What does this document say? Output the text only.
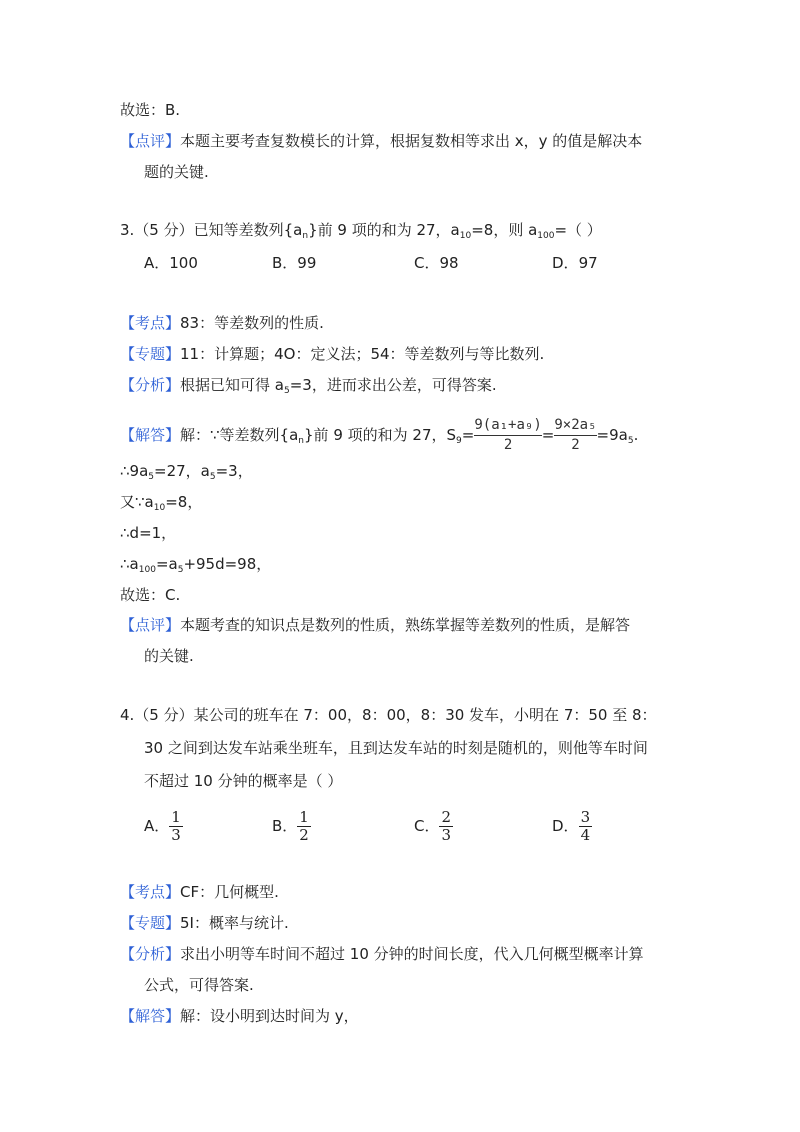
故选：B.
【点评】本题主要考查复数模长的计算，根据复数相等求出 x，y 的值是解决本
题的关键.
3.（5 分）已知等差数列$\{a_n\}$前 9 项的和为 27，$a_{10}=8$，则 $a_{100}=$（ ）
A．100	B．99	C．98	D．97
【考点】83：等差数列的性质.
【专题】11：计算题；4O：定义法；54：等差数列与等比数列.
【分析】根据已知可得 $a_5=3$，进而求出公差，可得答案.
【解答】解：∵等差数列$\{a_n\}$前 9 项的和为 27，$S_9= \frac{\text{9(a₁+a₉)}}{2} = \frac{\text{9×2a₅}}{2} =9a_5$.
$\therefore 9a_5=27$，$a_5=3$，
又$\because a_{10}=8$，
∴d=1，
$\therefore a_{100}=a_5+95d=98$，
故选：C.
【点评】本题考查的知识点是数列的性质，熟练掌握等差数列的性质，是解答
的关键.
4.（5 分）某公司的班车在 7：00，8：00，8：30 发车，小明在 7：50 至 8：
30 之间到达发车站乘坐班车，且到达发车站的时刻是随机的，则他等车时间
不超过 10 分钟的概率是（ ）
A． $\frac{1}{3}$	B． $\frac{1}{2}$	C． $\frac{2}{3}$	D． $\frac{3}{4}$
【考点】CF：几何概型.
【专题】5I：概率与统计.
【分析】求出小明等车时间不超过 10 分钟的时间长度，代入几何概型概率计算
公式，可得答案.
【解答】解：设小明到达时间为 y，
